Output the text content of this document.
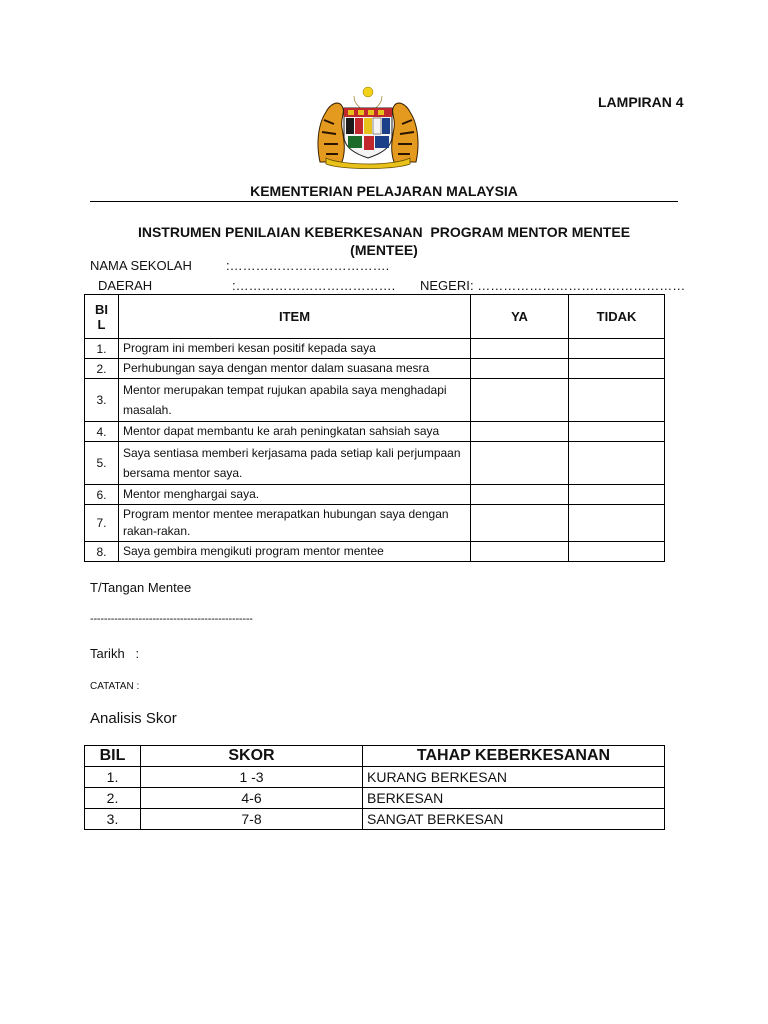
LAMPIRAN 4
KEMENTERIAN PELAJARAN MALAYSIA
INSTRUMEN PENILAIAN KEBERKESANAN  PROGRAM MENTOR MENTEE
(MENTEE)
NAMA SEKOLAH	:……………………………….
DAERAH	:………………………………. NEGERI : …………………………………………
BI
L	ITEM	YA	TIDAK
1.	Program ini memberi kesan positif kepada saya		
2.	Perhubungan saya dengan mentor dalam suasana mesra		
3.	Mentor merupakan tempat rujukan apabila saya menghadapi masalah.		
4.	Mentor dapat membantu ke arah peningkatan sahsiah saya		
5.	Saya sentiasa memberi kerjasama pada setiap kali perjumpaan bersama mentor saya.		
6.	Mentor menghargai saya.		
7.	Program mentor mentee merapatkan hubungan saya dengan rakan-rakan.		
8.	Saya gembira mengikuti program mentor mentee		
T/Tangan Mentee
-----------------------------------------------
Tarikh   :
CATATAN :
Analisis Skor
BIL	SKOR	TAHAP KEBERKESANAN
1.	1 -3	KURANG BERKESAN
2.	4-6	BERKESAN
3.	7-8	SANGAT BERKESAN
